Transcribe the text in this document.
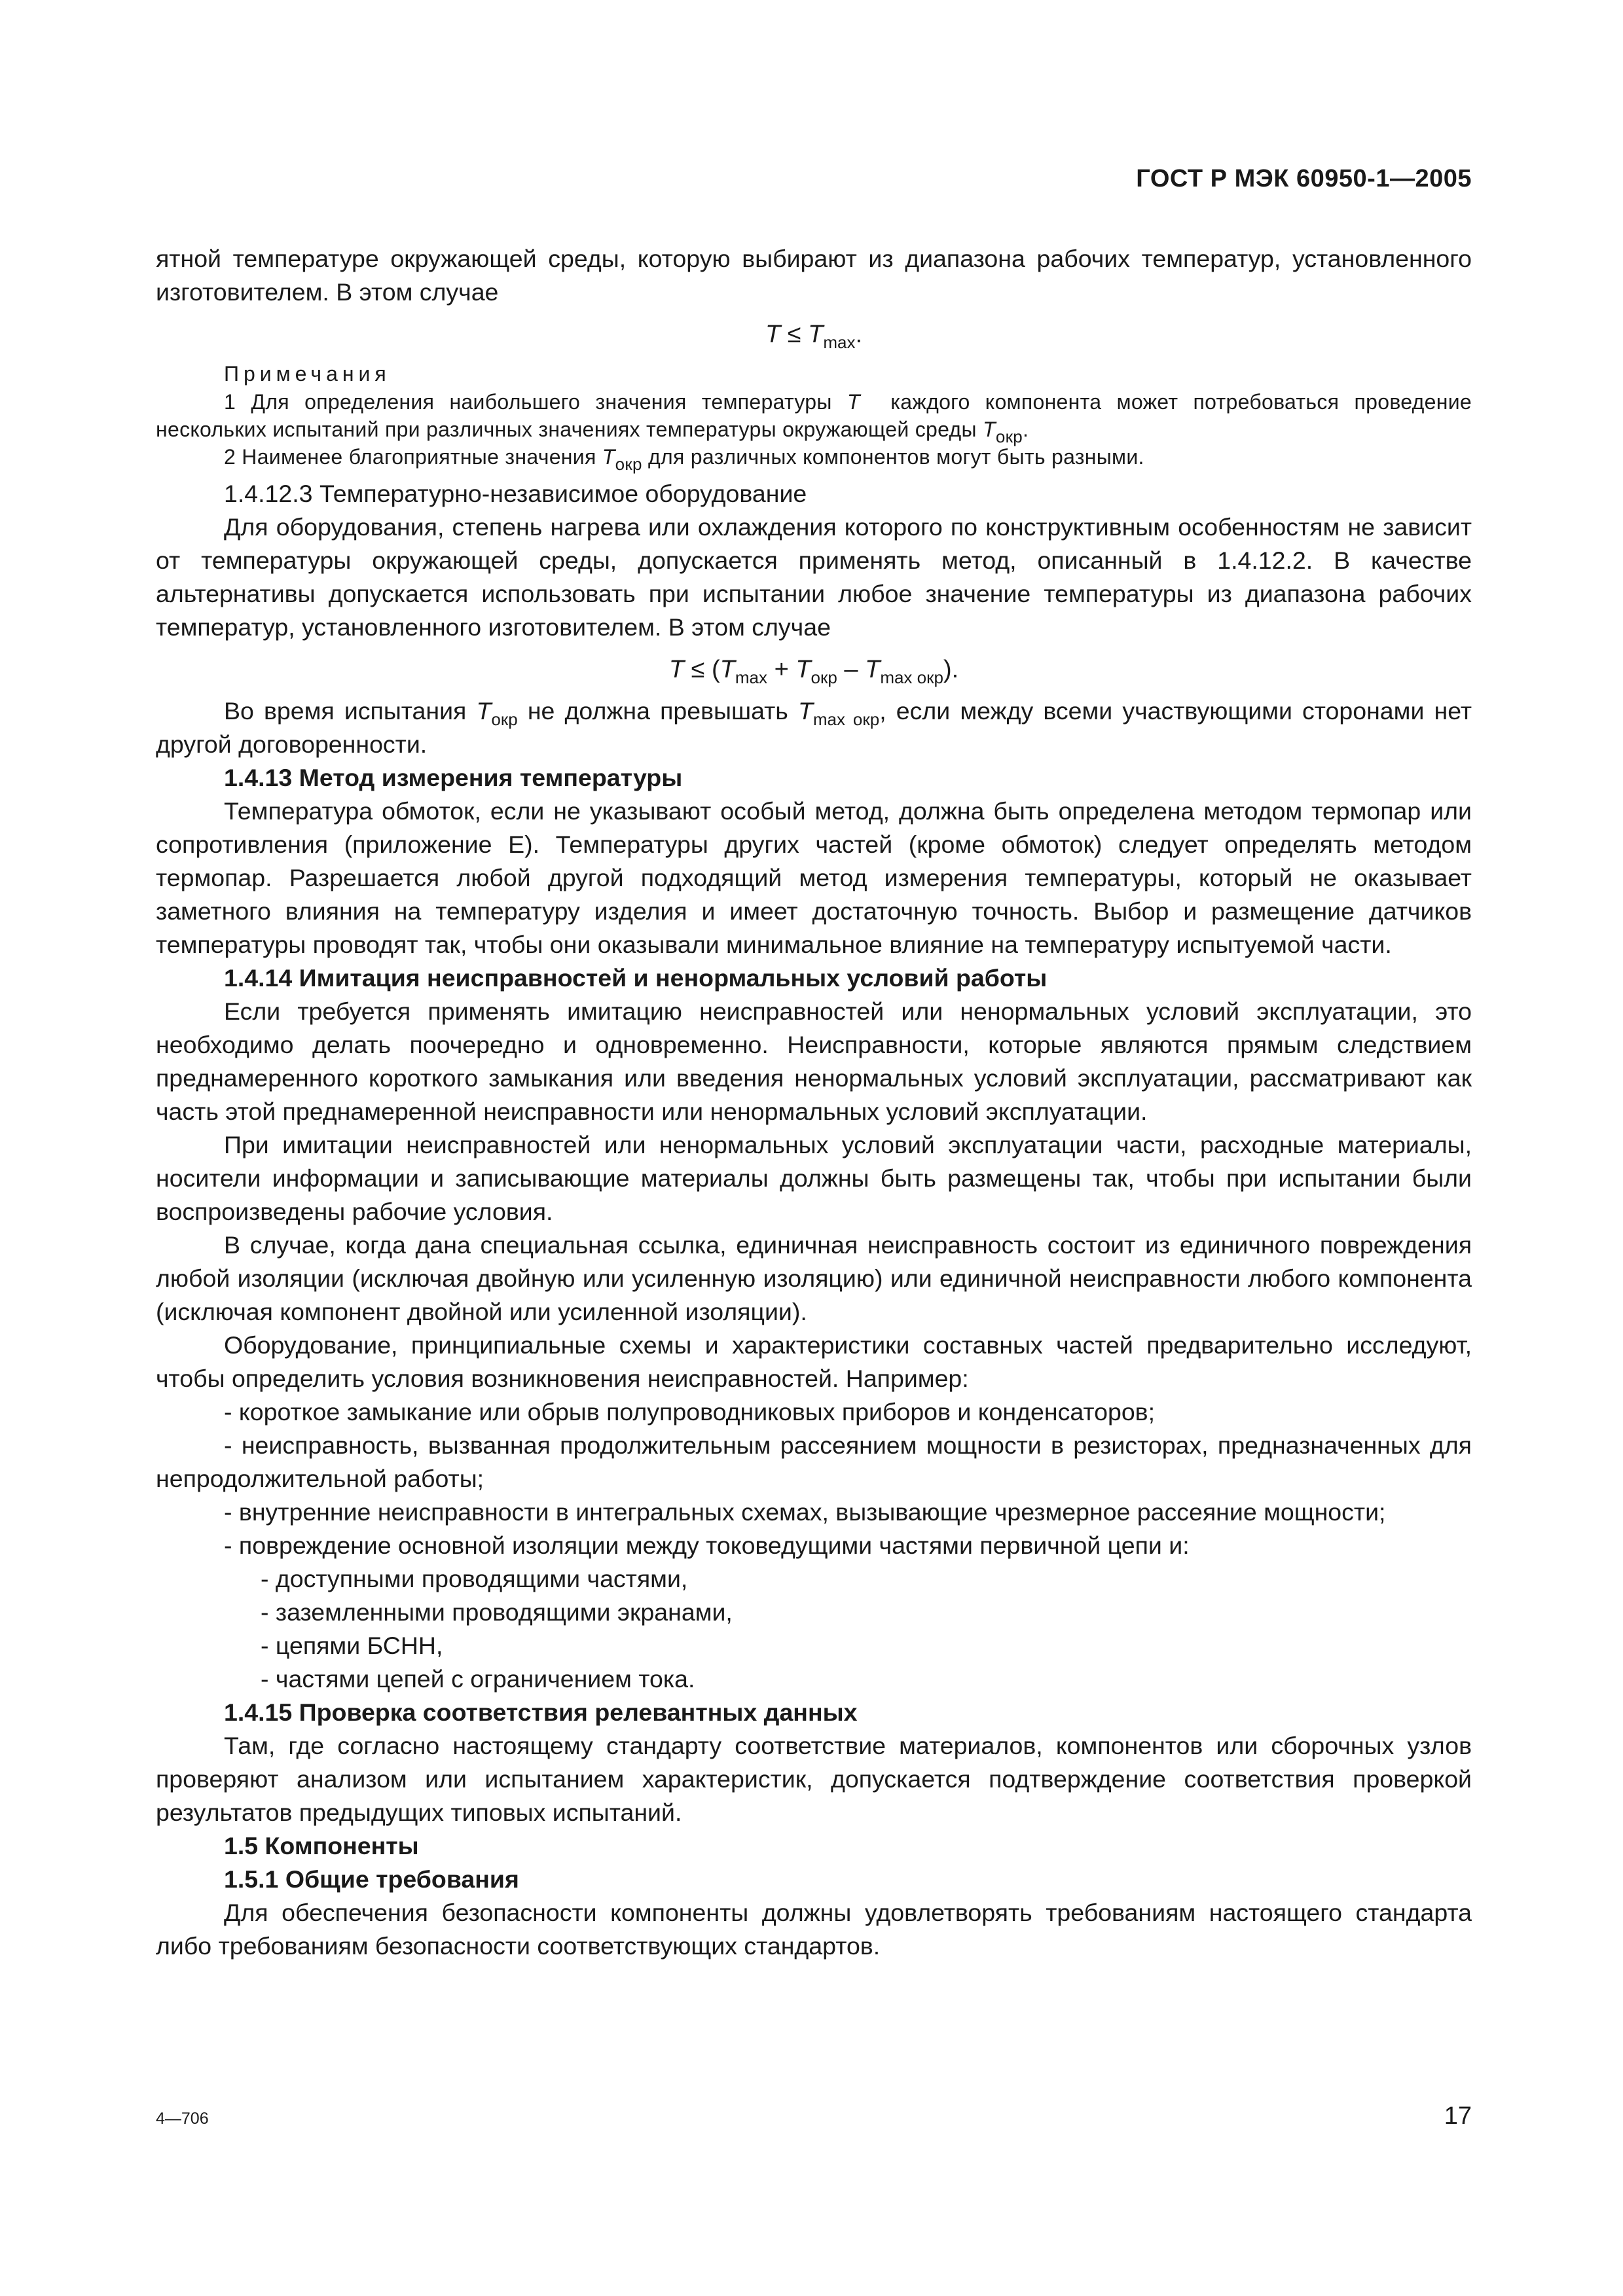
ГОСТ Р МЭК 60950-1—2005

ятной температуре окружающей среды, которую выбирают из диапазона рабочих температур, установленного изготовителем. В этом случае

$T \le T_{max}$.
Примечания

1 Для определения наибольшего значения температуры T  каждого компонента может потребоваться проведение нескольких испытаний при различных значениях температуры окружающей среды $T_{окр}$.

2 Наименее благоприятные значения $T_{окр}$ для различных компонентов могут быть разными.

1.4.12.3 Температурно-независимое оборудование

Для оборудования, степень нагрева или охлаждения которого по конструктивным особенностям не зависит от температуры окружающей среды, допускается применять метод, описанный в 1.4.12.2. В качестве альтернативы допускается использовать при испытании любое значение температуры из диапазона рабочих температур, установленного изготовителем. В этом случае

$T \le (T_{max} + T_{окр} - T_{max окр})$.

Во время испытания $T_{окр}$ не должна превышать $T_{max окр}$, если между всеми участвующими сторонами нет другой договоренности.

1.4.13 Метод измерения температуры

Температура обмоток, если не указывают особый метод, должна быть определена методом термопар или сопротивления (приложение Е). Температуры других частей (кроме обмоток) следует определять методом термопар. Разрешается любой другой подходящий метод измерения температуры, который не оказывает заметного влияния на температуру изделия и имеет достаточную точность. Выбор и размещение датчиков температуры проводят так, чтобы они оказывали минимальное влияние на температуру испытуемой части.

1.4.14 Имитация неисправностей и ненормальных условий работы

Если требуется применять имитацию неисправностей или ненормальных условий эксплуатации, это необходимо делать поочередно и одновременно. Неисправности, которые являются прямым следствием преднамеренного короткого замыкания или введения ненормальных условий эксплуатации, рассматривают как часть этой преднамеренной неисправности или ненормальных условий эксплуатации.

При имитации неисправностей или ненормальных условий эксплуатации части, расходные материалы, носители информации и записывающие материалы должны быть размещены так, чтобы при испытании были воспроизведены рабочие условия.

В случае, когда дана специальная ссылка, единичная неисправность состоит из единичного повреждения любой изоляции (исключая двойную или усиленную изоляцию) или единичной неисправности любого компонента (исключая компонент двойной или усиленной изоляции).

Оборудование, принципиальные схемы и характеристики составных частей предварительно исследуют, чтобы определить условия возникновения неисправностей. Например:

- короткое замыкание или обрыв полупроводниковых приборов и конденсаторов;

- неисправность, вызванная продолжительным рассеянием мощности в резисторах, предназначенных для непродолжительной работы;

- внутренние неисправности в интегральных схемах, вызывающие чрезмерное рассеяние мощности;

- повреждение основной изоляции между токоведущими частями первичной цепи и:

- доступными проводящими частями,

- заземленными проводящими экранами,

- цепями БСНН,

- частями цепей с ограничением тока.

1.4.15 Проверка соответствия релевантных данных

Там, где согласно настоящему стандарту соответствие материалов, компонентов или сборочных узлов проверяют анализом или испытанием характеристик, допускается подтверждение соответствия проверкой результатов предыдущих типовых испытаний.

1.5 Компоненты

1.5.1 Общие требования

Для обеспечения безопасности компоненты должны удовлетворять требованиям настоящего стандарта либо требованиям безопасности соответствующих стандартов.

4—706	17
